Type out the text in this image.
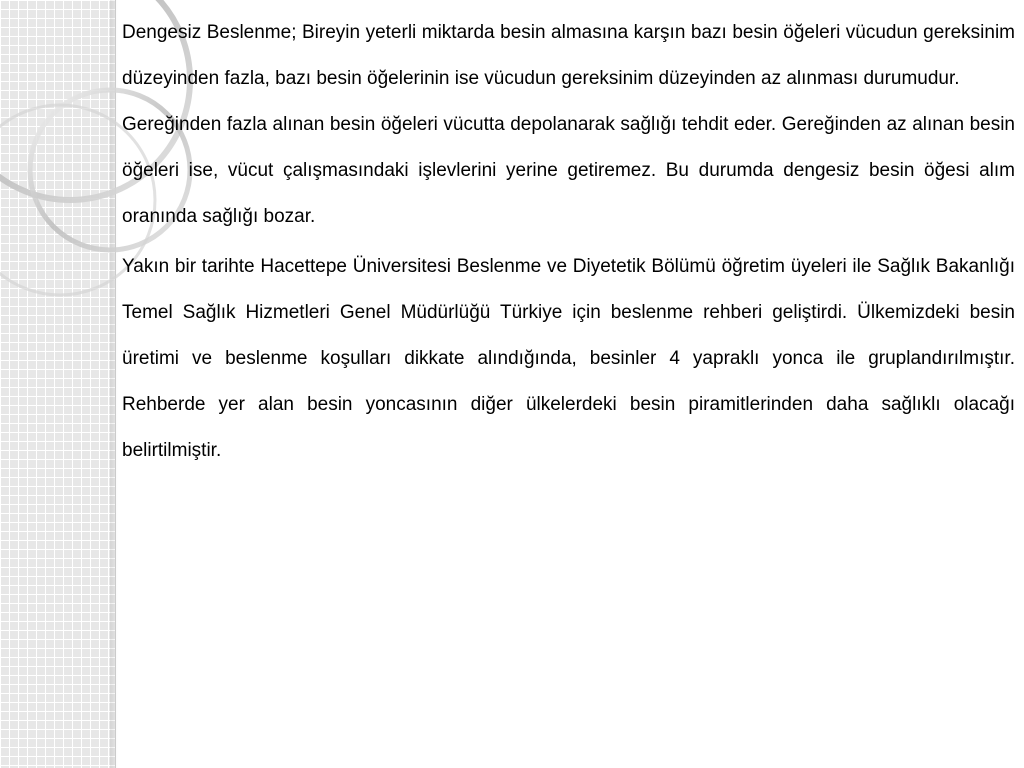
Dengesiz Beslenme; Bireyin yeterli miktarda besin almasına karşın bazı besin öğeleri vücudun gereksinim düzeyinden fazla, bazı besin öğelerinin ise vücudun gereksinim düzeyinden az alınması durumudur.

Gereğinden fazla alınan besin öğeleri vücutta depolanarak sağlığı tehdit eder. Gereğinden az alınan besin öğeleri ise, vücut çalışmasındaki işlevlerini yerine getiremez. Bu durumda dengesiz besin öğesi alım oranında sağlığı bozar.

Yakın bir tarihte Hacettepe Üniversitesi Beslenme ve Diyetetik Bölümü öğretim üyeleri ile Sağlık Bakanlığı Temel Sağlık Hizmetleri Genel Müdürlüğü Türkiye için beslenme rehberi geliştirdi. Ülkemizdeki besin üretimi ve beslenme koşulları dikkate alındığında, besinler 4 yapraklı yonca ile gruplandırılmıştır. Rehberde yer alan besin yoncasının diğer ülkelerdeki besin piramitlerinden daha sağlıklı olacağı belirtilmiştir.
